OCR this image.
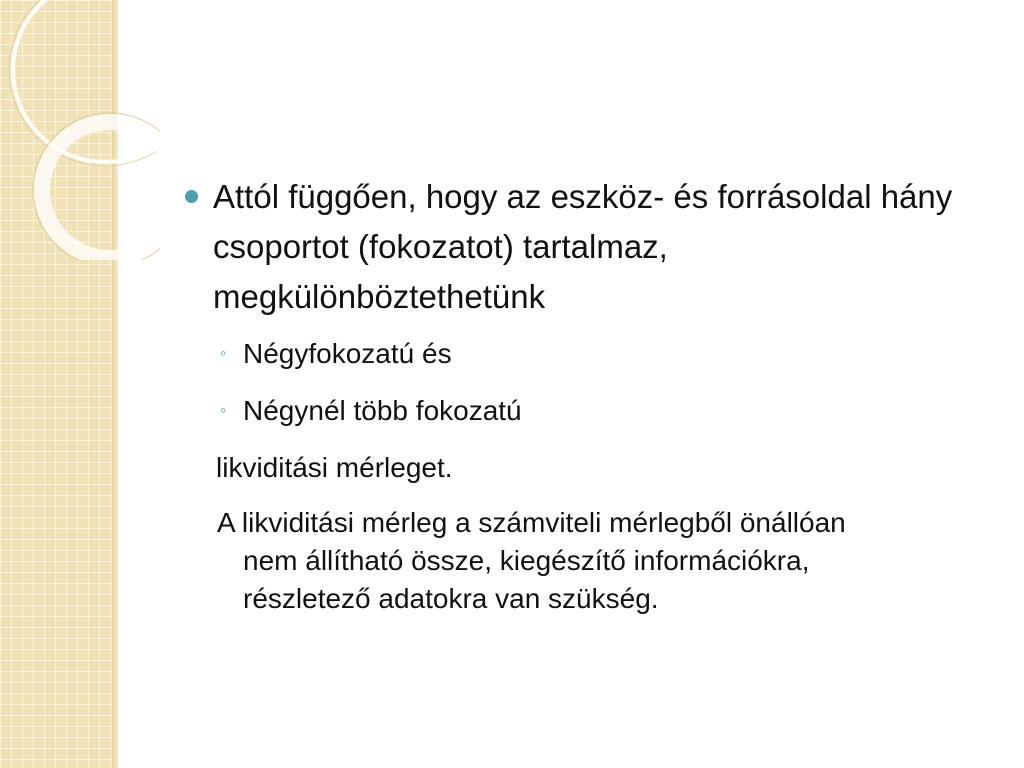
Attól függően, hogy az eszköz- és forrásoldal hány csoportot (fokozatot) tartalmaz, megkülönböztethetünk

◦ Négyfokozatú és
◦ Négynél több fokozatú

likviditási mérleget.

A likviditási mérleg a számviteli mérlegből önállóan nem állítható össze, kiegészítő információkra, részletező adatokra van szükség.
